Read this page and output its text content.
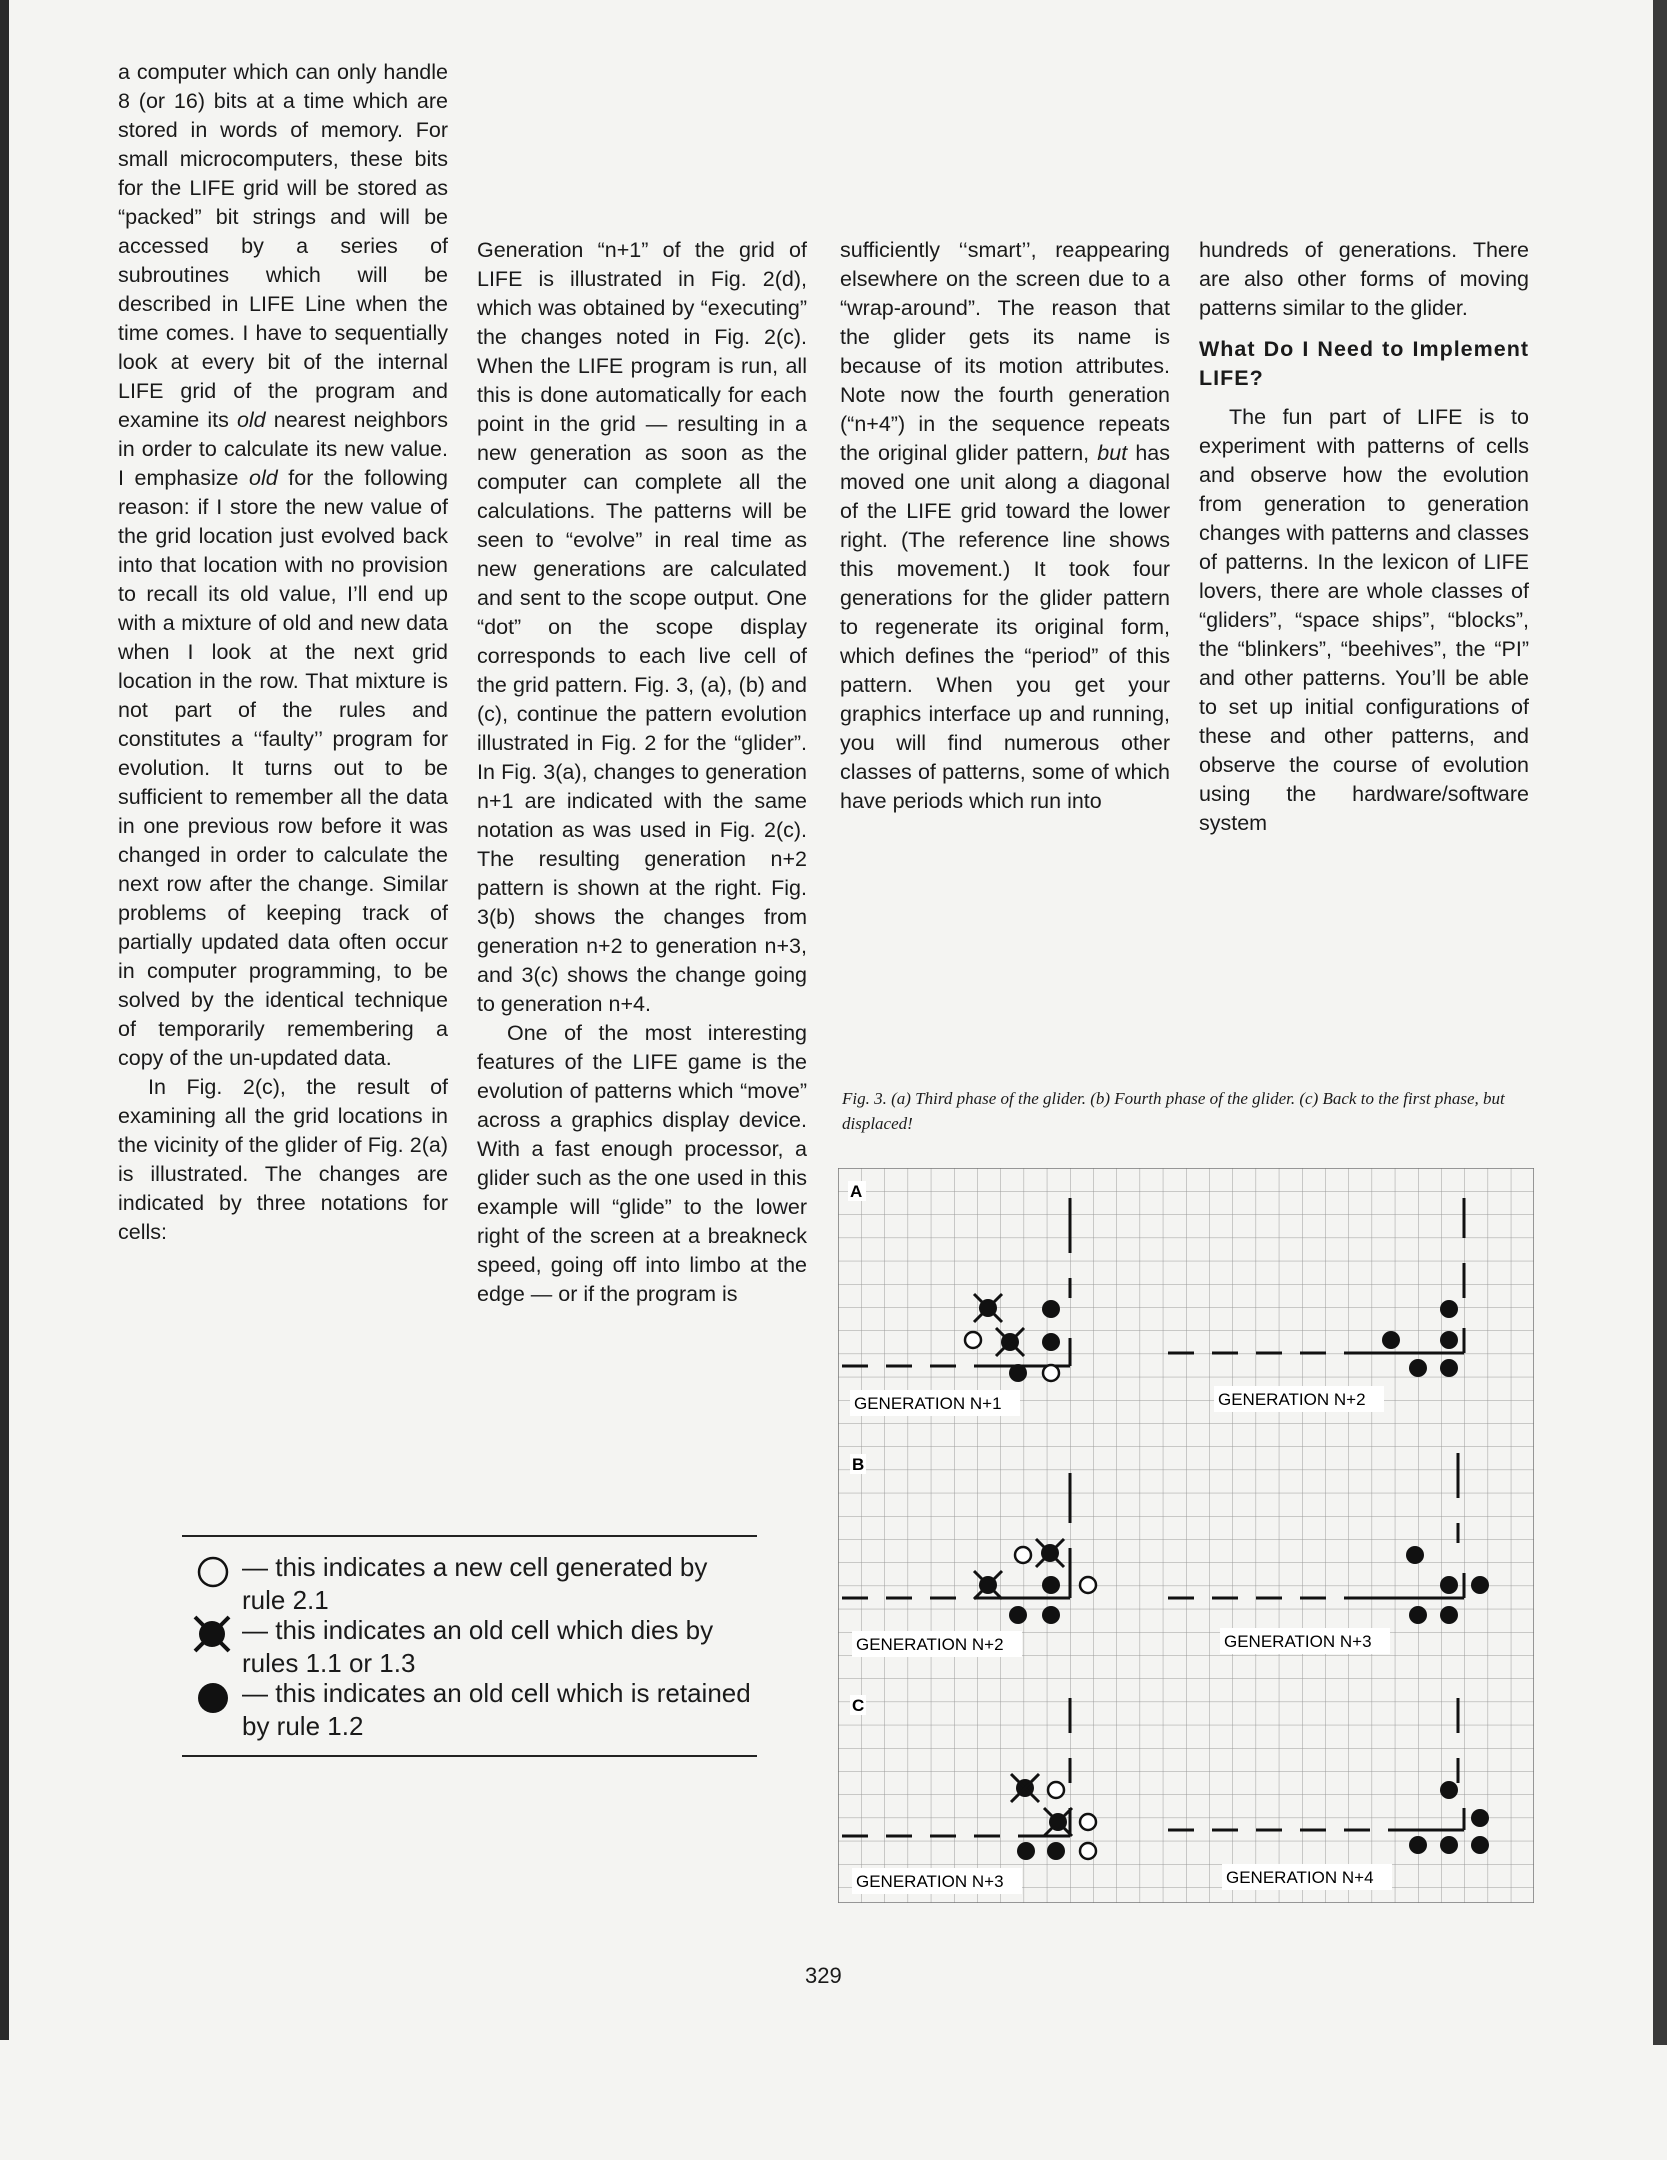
a computer which can only handle 8 (or 16) bits at a time which are stored in words of memory. For small microcomputers, these bits for the LIFE grid will be stored as “packed” bit strings and will be accessed by a series of subroutines which will be described in LIFE Line when the time comes. I have to sequentially look at every bit of the internal LIFE grid of the program and examine its old nearest neighbors in order to calculate its new value. I emphasize old for the following reason: if I store the new value of the grid location just evolved back into that location with no provision to recall its old value, I’ll end up with a mixture of old and new data when I look at the next grid location in the row. That mixture is not part of the rules and constitutes a ‘‘faulty’’ program for evolution. It turns out to be sufficient to remember all the data in one previous row before it was changed in order to calculate the next row after the change. Similar problems of keeping track of partially updated data often occur in computer programming, to be solved by the identical technique of temporarily remembering a copy of the un-updated data.

In Fig. 2(c), the result of examining all the grid locations in the vicinity of the glider of Fig. 2(a) is illustrated. The changes are indicated by three notations for cells:

Generation “n+1” of the grid of LIFE is illustrated in Fig. 2(d), which was obtained by “executing” the changes noted in Fig. 2(c). When the LIFE program is run, all this is done automatically for each point in the grid — resulting in a new generation as soon as the computer can complete all the calculations. The patterns will be seen to “evolve” in real time as new generations are calculated and sent to the scope output. One “dot” on the scope display corresponds to each live cell of the grid pattern. Fig. 3, (a), (b) and (c), continue the pattern evolution illustrated in Fig. 2 for the “glider”. In Fig. 3(a), changes to generation n+1 are indicated with the same notation as was used in Fig. 2(c). The resulting generation n+2 pattern is shown at the right. Fig. 3(b) shows the changes from generation n+2 to generation n+3, and 3(c) shows the change going to generation n+4.

One of the most interesting features of the LIFE game is the evolution of patterns which “move” across a graphics display device. With a fast enough processor, a glider such as the one used in this example will “glide” to the lower right of the screen at a breakneck speed, going off into limbo at the edge — or if the program is

sufficiently ‘‘smart’’, reappearing elsewhere on the screen due to a “wrap-around”. The reason that the glider gets its name is because of its motion attributes. Note now the fourth generation (“n+4”) in the sequence repeats the original glider pattern, but has moved one unit along a diagonal of the LIFE grid toward the lower right. (The reference line shows this movement.) It took four generations for the glider pattern to regenerate its original form, which defines the “period” of this pattern. When you get your graphics interface up and running, you will find numerous other classes of patterns, some of which have periods which run into

hundreds of generations. There are also other forms of moving patterns similar to the glider.

What Do I Need to Implement LIFE?

The fun part of LIFE is to experiment with patterns of cells and observe how the evolution from generation to generation changes with patterns and classes of patterns. In the lexicon of LIFE lovers, there are whole classes of “gliders”, “space ships”, “blocks”, the “blinkers”, “beehives”, the “PI” and other patterns. You’ll be able to set up initial configurations of these and other patterns, and observe the course of evolution using the hardware/software system

— this indicates a new cell generated by rule 2.1
— this indicates an old cell which dies by rules 1.1 or 1.3
— this indicates an old cell which is retained by rule 1.2
Fig. 3. (a) Third phase of the glider. (b) Fourth phase of the glider. (c) Back to the first phase, but displaced!
A
GENERATION N+1	GENERATION N+2
B
GENERATION N+2	GENERATION N+3
C
GENERATION N+3	GENERATION N+4
329
